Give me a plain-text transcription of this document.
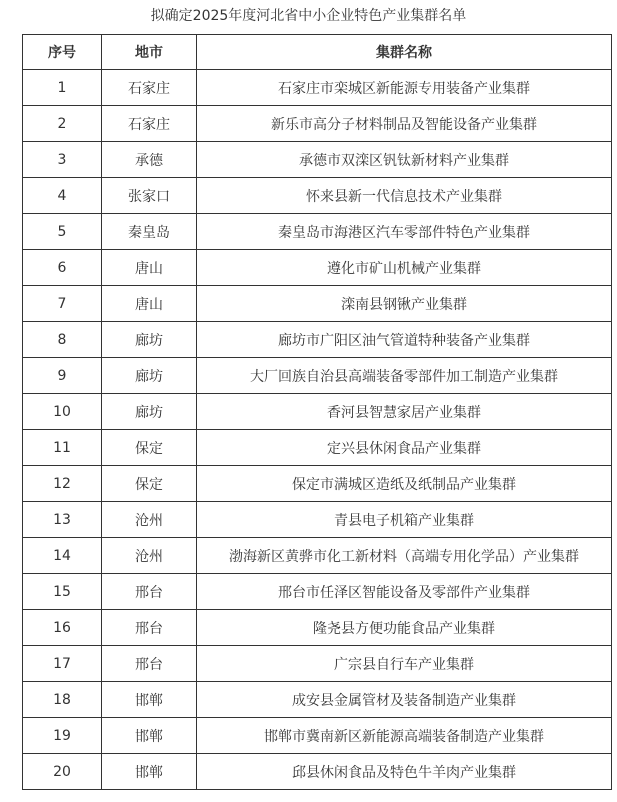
拟确定2025年度河北省中小企业特色产业集群名单
序号	地市	集群名称
1	石家庄	石家庄市栾城区新能源专用装备产业集群
2	石家庄	新乐市高分子材料制品及智能设备产业集群
3	承德	承德市双滦区钒钛新材料产业集群
4	张家口	怀来县新一代信息技术产业集群
5	秦皇岛	秦皇岛市海港区汽车零部件特色产业集群
6	唐山	遵化市矿山机械产业集群
7	唐山	滦南县钢锹产业集群
8	廊坊	廊坊市广阳区油气管道特种装备产业集群
9	廊坊	大厂回族自治县高端装备零部件加工制造产业集群
10	廊坊	香河县智慧家居产业集群
11	保定	定兴县休闲食品产业集群
12	保定	保定市满城区造纸及纸制品产业集群
13	沧州	青县电子机箱产业集群
14	沧州	渤海新区黄骅市化工新材料（高端专用化学品）产业集群
15	邢台	邢台市任泽区智能设备及零部件产业集群
16	邢台	隆尧县方便功能食品产业集群
17	邢台	广宗县自行车产业集群
18	邯郸	成安县金属管材及装备制造产业集群
19	邯郸	邯郸市冀南新区新能源高端装备制造产业集群
20	邯郸	邱县休闲食品及特色牛羊肉产业集群
